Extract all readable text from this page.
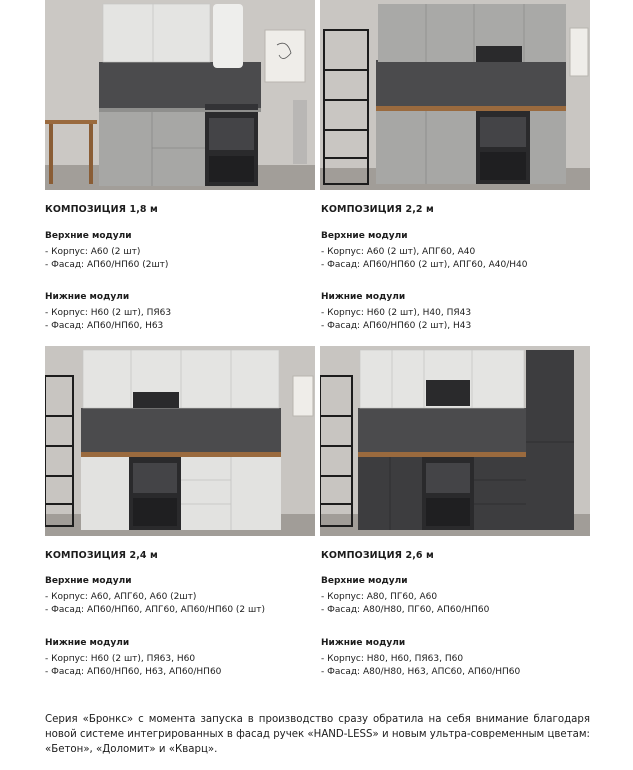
КОМПОЗИЦИЯ 1,8 м

Верхние модули

- Корпус: А60 (2 шт)

- Фасад: АП60/НП60 (2шт)

Нижние модули

- Корпус: Н60 (2 шт), ПЯ63

- Фасад: АП60/НП60, Н63

КОМПОЗИЦИЯ 2,2 м

Верхние модули

- Корпус: А60 (2 шт), АПГ60, А40

- Фасад: АП60/НП60 (2 шт), АПГ60, А40/Н40

Нижние модули

- Корпус: Н60 (2 шт), Н40, ПЯ43

- Фасад: АП60/НП60 (2 шт), Н43

КОМПОЗИЦИЯ 2,4 м

Верхние модули

- Корпус: А60, АПГ60, А60 (2шт)

- Фасад: АП60/НП60, АПГ60, АП60/НП60 (2 шт)

Нижние модули

- Корпус: Н60 (2 шт), ПЯ63, Н60

- Фасад: АП60/НП60, Н63, АП60/НП60

КОМПОЗИЦИЯ 2,6 м

Верхние модули

- Корпус: А80, ПГ60, А60

- Фасад: А80/Н80, ПГ60, АП60/НП60

Нижние модули

- Корпус: Н80, Н60, ПЯ63, П60

- Фасад: А80/Н80, Н63, АПС60, АП60/НП60

Серия «Бронкс» с момента запуска в производство сразу обратила на себя внимание благодаря новой системе интегрированных в фасад ручек «HAND-LESS» и новым ультра-современным цветам: «Бетон», «Доломит» и «Кварц».
